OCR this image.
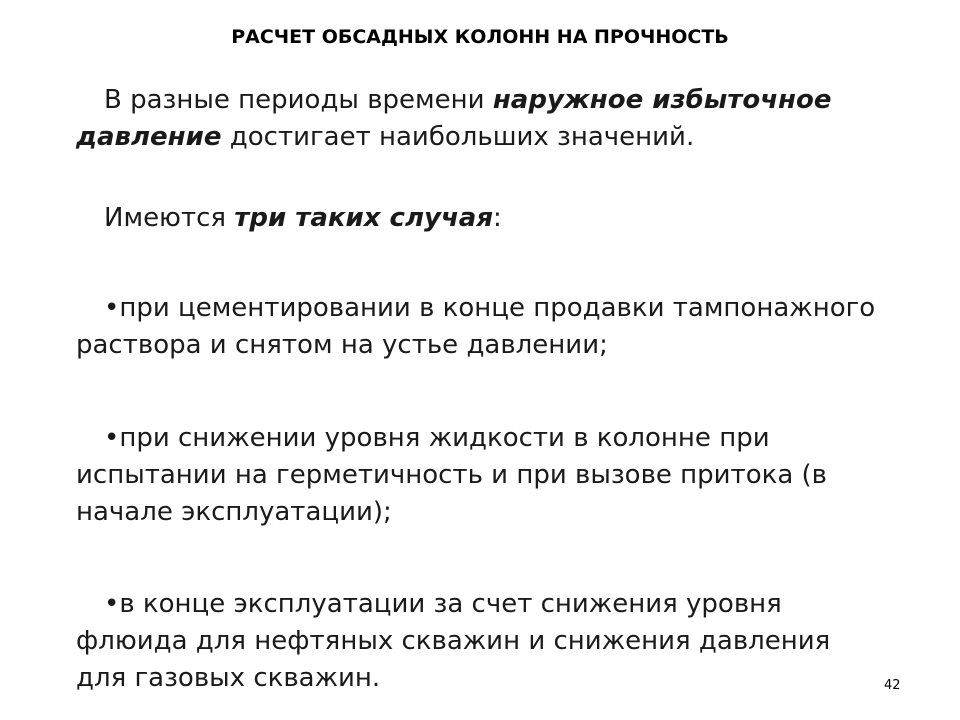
РАСЧЕТ ОБСАДНЫХ КОЛОНН НА ПРОЧНОСТЬ
В разные периоды времени наружное избыточное давление достигает наибольших значений.
Имеются три таких случая:
•при цементировании в конце продавки тампонажного раствора и снятом на устье давлении;
•при снижении уровня жидкости в колонне при испытании на герметичность и при вызове притока (в начале эксплуатации);
•в конце эксплуатации за счет снижения уровня флюида для нефтяных скважин и снижения давления для газовых скважин.	42
